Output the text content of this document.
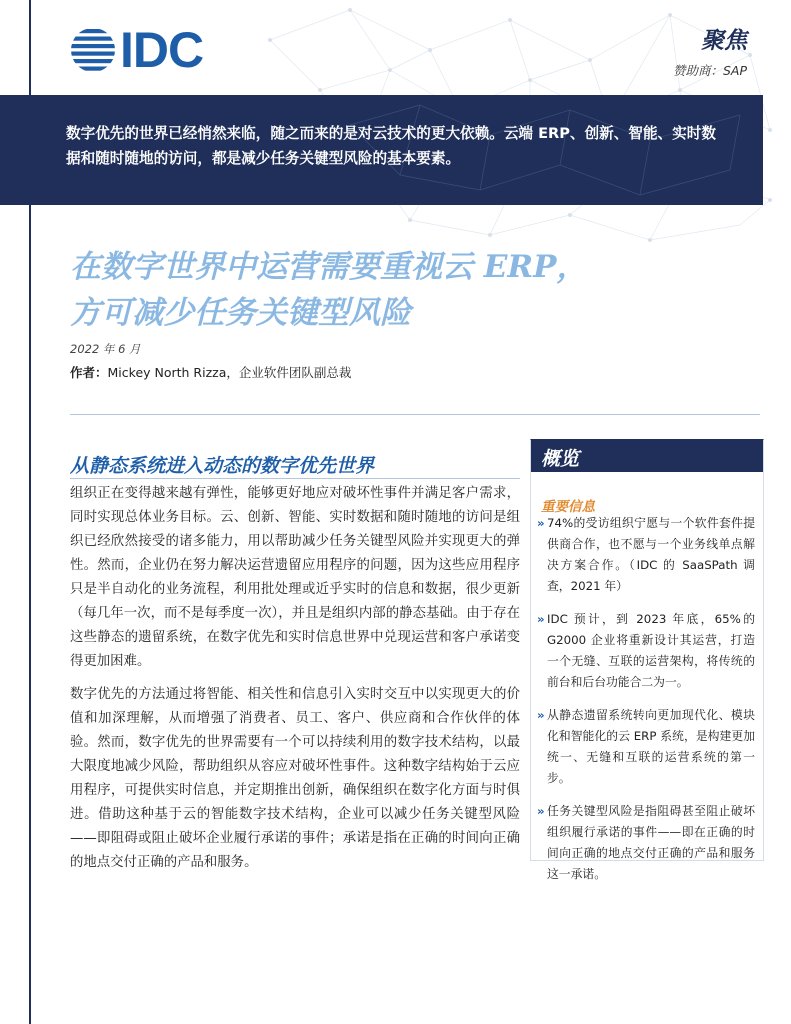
IDC	聚焦
赞助商：SAP
数字优先的世界已经悄然来临，随之而来的是对云技术的更大依赖。云端 ERP、创新、智能、实时数据和随时随地的访问，都是减少任务关键型风险的基本要素。
在数字世界中运营需要重视云 ERP，
方可减少任务关键型风险
2022 年 6 月
作者：Mickey North Rizza，企业软件团队副总裁
从静态系统进入动态的数字优先世界
组织正在变得越来越有弹性，能够更好地应对破坏性事件并满足客户需求，同时实现总体业务目标。云、创新、智能、实时数据和随时随地的访问是组织已经欣然接受的诸多能力，用以帮助减少任务关键型风险并实现更大的弹性。然而，企业仍在努力解决运营遗留应用程序的问题，因为这些应用程序只是半自动化的业务流程，利用批处理或近乎实时的信息和数据，很少更新（每几年一次，而不是每季度一次），并且是组织内部的静态基础。由于存在这些静态的遗留系统，在数字优先和实时信息世界中兑现运营和客户承诺变得更加困难。
数字优先的方法通过将智能、相关性和信息引入实时交互中以实现更大的价值和加深理解，从而增强了消费者、员工、客户、供应商和合作伙伴的体验。然而，数字优先的世界需要有一个可以持续利用的数字技术结构，以最大限度地减少风险，帮助组织从容应对破坏性事件。这种数字结构始于云应用程序，可提供实时信息，并定期推出创新，确保组织在数字化方面与时俱进。借助这种基于云的智能数字技术结构，企业可以减少任务关键型风险——即阻碍或阻止破坏企业履行承诺的事件；承诺是指在正确的时间向正确的地点交付正确的产品和服务。
概览
重要信息
» 74%的受访组织宁愿与一个软件套件提供商合作，也不愿与一个业务线单点解决方案合作。（IDC 的 SaaSPath 调查，2021 年）
» IDC 预计，到 2023 年底，65%的 G2000 企业将重新设计其运营，打造一个无缝、互联的运营架构，将传统的前台和后台功能合二为一。
» 从静态遗留系统转向更加现代化、模块化和智能化的云 ERP 系统，是构建更加统一、无缝和互联的运营系统的第一步。
» 任务关键型风险是指阻碍甚至阻止破坏组织履行承诺的事件——即在正确的时间向正确的地点交付正确的产品和服务这一承诺。
